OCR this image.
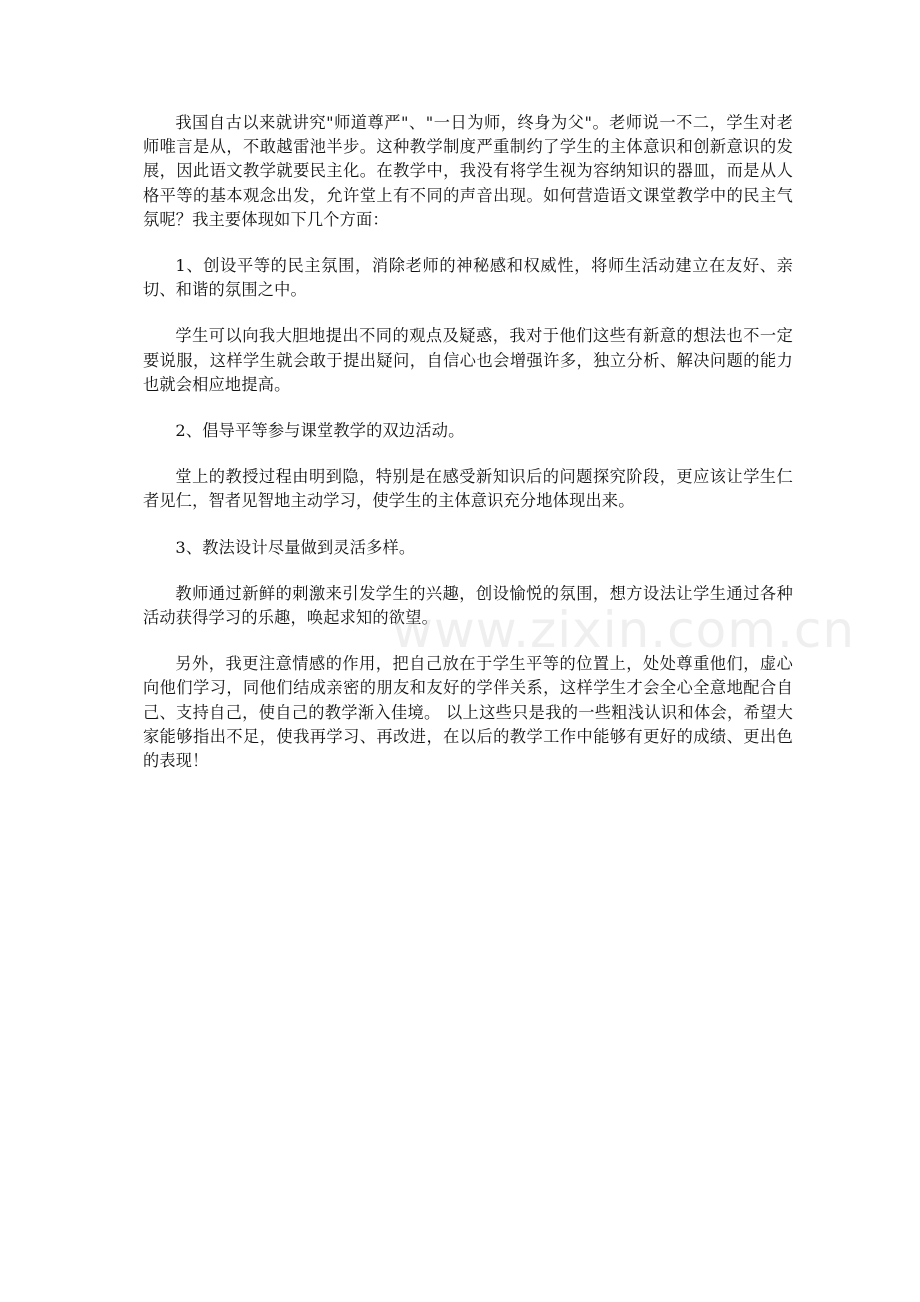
我国自古以来就讲究"师道尊严"、"一日为师，终身为父"。老师说一不二，学生对老师唯言是从，不敢越雷池半步。这种教学制度严重制约了学生的主体意识和创新意识的发展，因此语文教学就要民主化。在教学中，我没有将学生视为容纳知识的器皿，而是从人格平等的基本观念出发，允许堂上有不同的声音出现。如何营造语文课堂教学中的民主气氛呢？我主要体现如下几个方面：

1、创设平等的民主氛围，消除老师的神秘感和权威性，将师生活动建立在友好、亲切、和谐的氛围之中。

学生可以向我大胆地提出不同的观点及疑惑，我对于他们这些有新意的想法也不一定要说服，这样学生就会敢于提出疑问，自信心也会增强许多，独立分析、解决问题的能力也就会相应地提高。

2、倡导平等参与课堂教学的双边活动。

堂上的教授过程由明到隐，特别是在感受新知识后的问题探究阶段，更应该让学生仁者见仁，智者见智地主动学习，使学生的主体意识充分地体现出来。

3、教法设计尽量做到灵活多样。

教师通过新鲜的刺激来引发学生的兴趣，创设愉悦的氛围，想方设法让学生通过各种活动获得学习的乐趣，唤起求知的欲望。

另外，我更注意情感的作用，把自己放在于学生平等的位置上，处处尊重他们，虚心向他们学习，同他们结成亲密的朋友和友好的学伴关系，这样学生才会全心全意地配合自己、支持自己，使自己的教学渐入佳境。 以上这些只是我的一些粗浅认识和体会，希望大家能够指出不足，使我再学习、再改进，在以后的教学工作中能够有更好的成绩、更出色的表现！

www.zixin.com.cn
